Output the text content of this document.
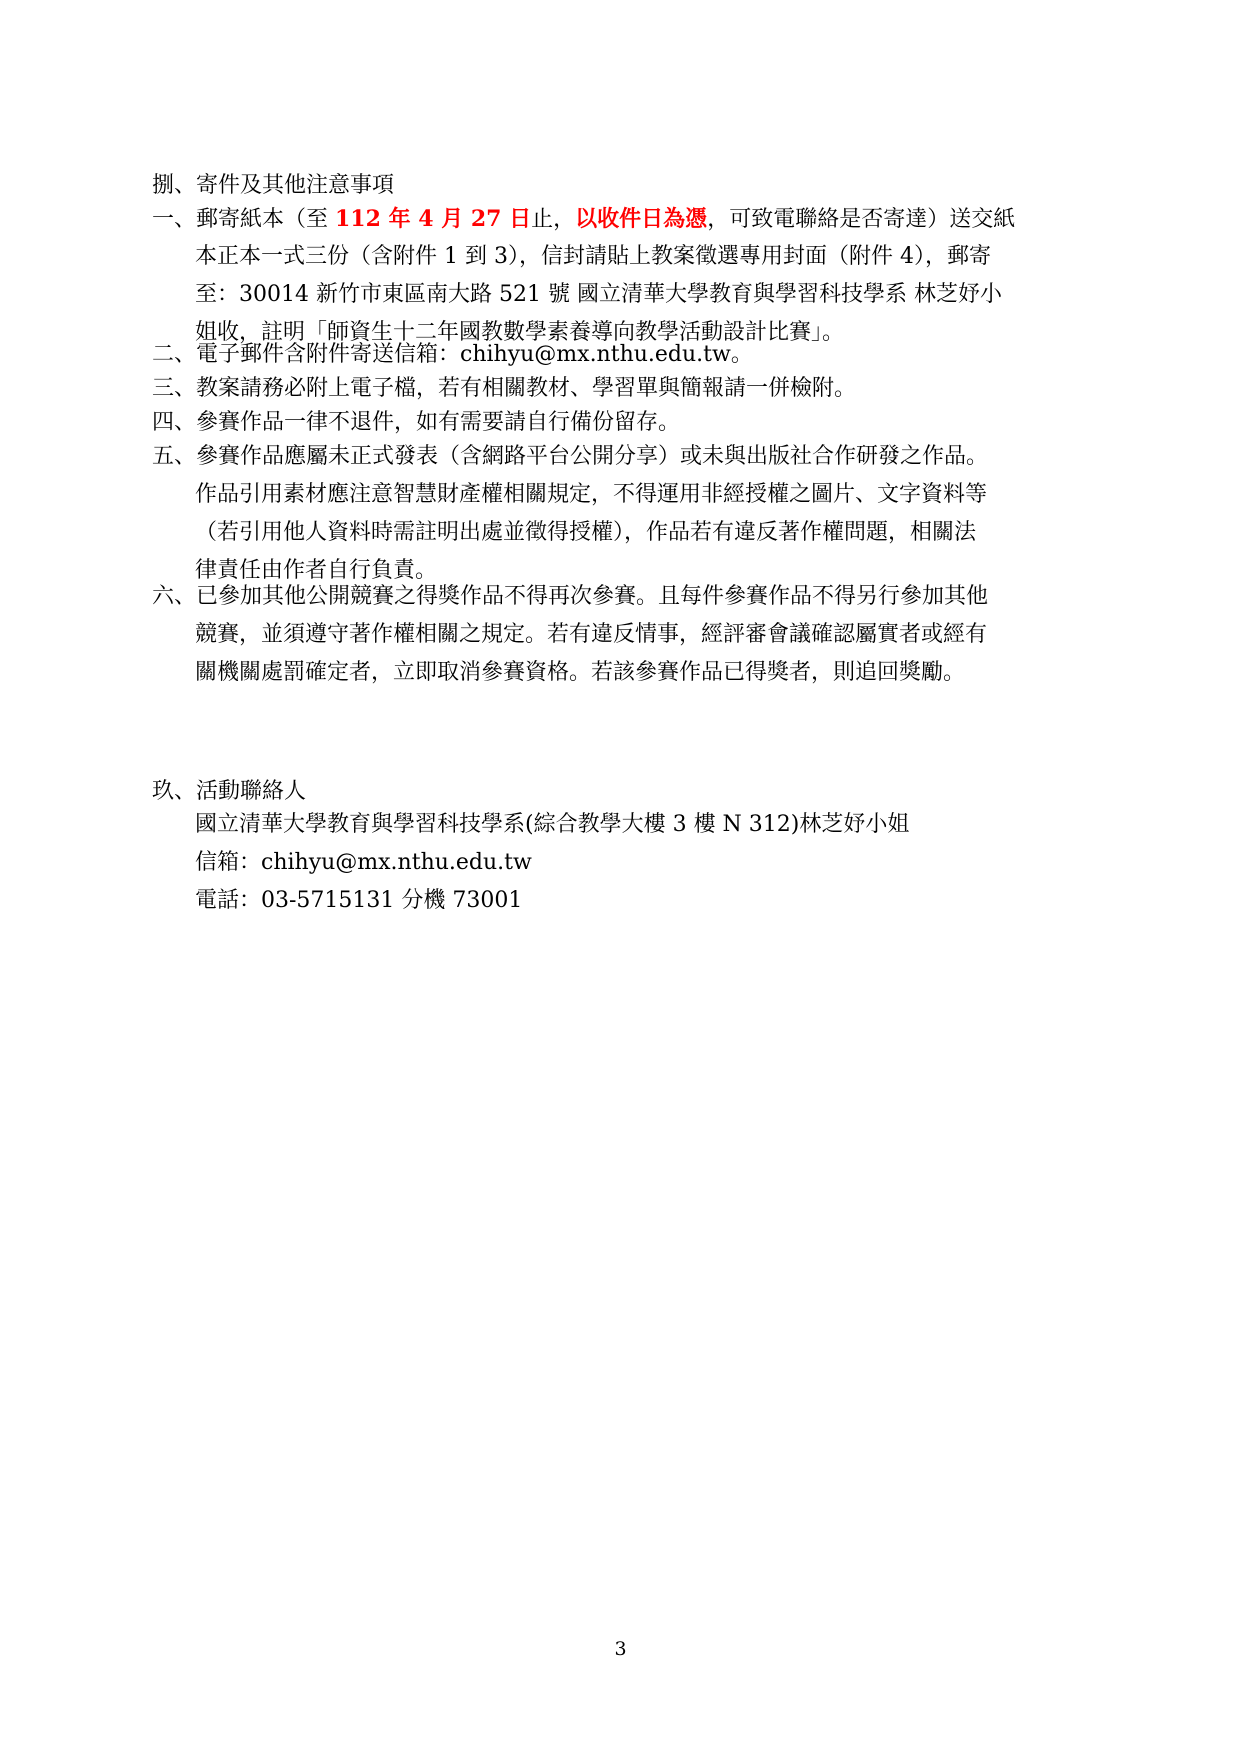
捌、寄件及其他注意事項
一、郵寄紙本（至 112 年 4 月 27 日止，以收件日為憑，可致電聯絡是否寄達）送交紙
本正本一式三份（含附件 1 到 3），信封請貼上教案徵選專用封面（附件 4），郵寄
至：30014 新竹市東區南大路 521 號 國立清華大學教育與學習科技學系 林芝妤小
姐收，註明「師資生十二年國教數學素養導向教學活動設計比賽」。
二、電子郵件含附件寄送信箱：chihyu@mx.nthu.edu.tw。
三、教案請務必附上電子檔，若有相關教材、學習單與簡報請一併檢附。
四、參賽作品一律不退件，如有需要請自行備份留存。
五、參賽作品應屬未正式發表（含網路平台公開分享）或未與出版社合作研發之作品。
作品引用素材應注意智慧財產權相關規定，不得運用非經授權之圖片、文字資料等
（若引用他人資料時需註明出處並徵得授權），作品若有違反著作權問題，相關法
律責任由作者自行負責。
六、已參加其他公開競賽之得獎作品不得再次參賽。且每件參賽作品不得另行參加其他
競賽，並須遵守著作權相關之規定。若有違反情事，經評審會議確認屬實者或經有
關機關處罰確定者，立即取消參賽資格。若該參賽作品已得獎者，則追回獎勵。
玖、活動聯絡人
國立清華大學教育與學習科技學系(綜合教學大樓 3 樓 N 312)林芝妤小姐
信箱：chihyu@mx.nthu.edu.tw
電話：03-5715131 分機 73001
3
